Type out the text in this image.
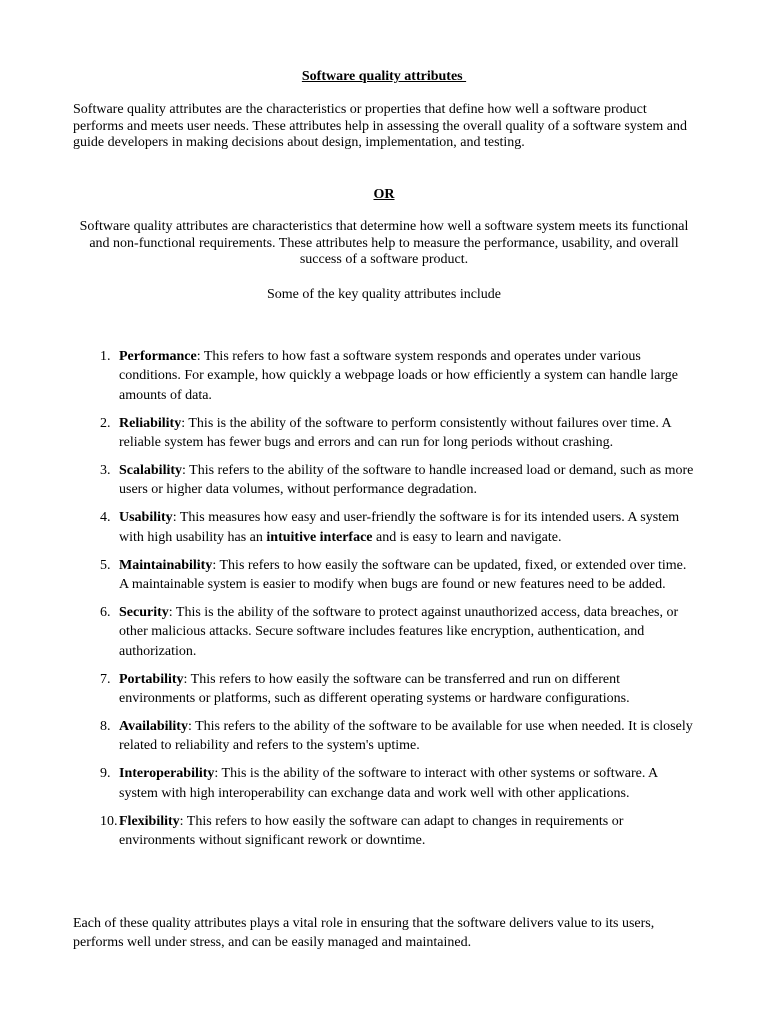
Software quality attributes

Software quality attributes are the characteristics or properties that define how well a software product performs and meets user needs. These attributes help in assessing the overall quality of a software system and guide developers in making decisions about design, implementation, and testing.

OR

Software quality attributes are characteristics that determine how well a software system meets its functional and non-functional requirements. These attributes help to measure the performance, usability, and overall success of a software product.

Some of the key quality attributes include
1. Performance: This refers to how fast a software system responds and operates under various conditions. For example, how quickly a webpage loads or how efficiently a system can handle large amounts of data.
2. Reliability: This is the ability of the software to perform consistently without failures over time. A reliable system has fewer bugs and errors and can run for long periods without crashing.
3. Scalability: This refers to the ability of the software to handle increased load or demand, such as more users or higher data volumes, without performance degradation.
4. Usability: This measures how easy and user-friendly the software is for its intended users. A system with high usability has an intuitive interface and is easy to learn and navigate.
5. Maintainability: This refers to how easily the software can be updated, fixed, or extended over time. A maintainable system is easier to modify when bugs are found or new features need to be added.
6. Security: This is the ability of the software to protect against unauthorized access, data breaches, or other malicious attacks. Secure software includes features like encryption, authentication, and authorization.
7. Portability: This refers to how easily the software can be transferred and run on different environments or platforms, such as different operating systems or hardware configurations.
8. Availability: This refers to the ability of the software to be available for use when needed. It is closely related to reliability and refers to the system's uptime.
9. Interoperability: This is the ability of the software to interact with other systems or software. A system with high interoperability can exchange data and work well with other applications.
10. Flexibility: This refers to how easily the software can adapt to changes in requirements or environments without significant rework or downtime.

Each of these quality attributes plays a vital role in ensuring that the software delivers value to its users, performs well under stress, and can be easily managed and maintained.
